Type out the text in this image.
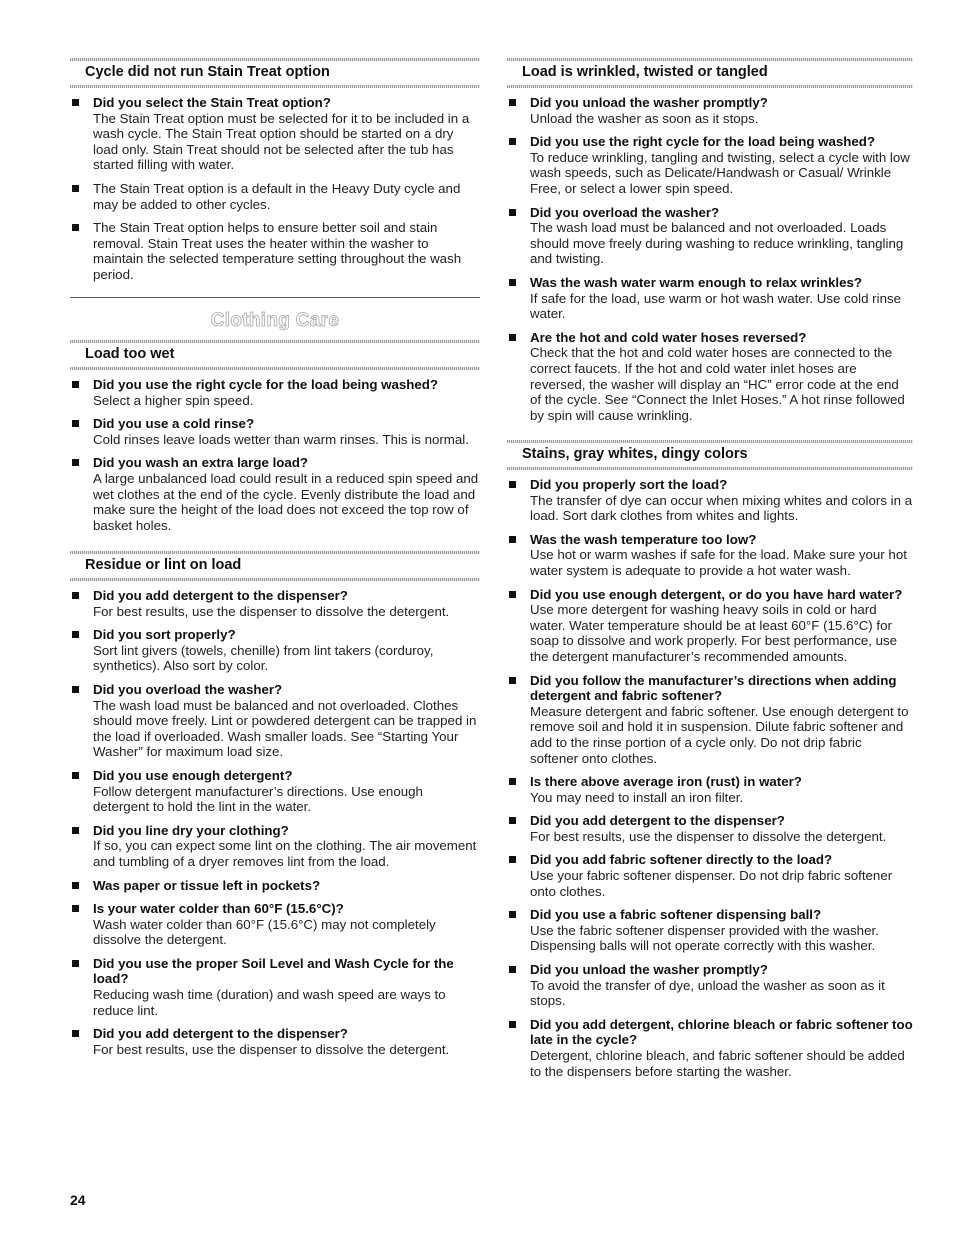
Cycle did not run Stain Treat option
Did you select the Stain Treat option?
The Stain Treat option must be selected for it to be included in a wash cycle. The Stain Treat option should be started on a dry load only. Stain Treat should not be selected after the tub has started filling with water.
The Stain Treat option is a default in the Heavy Duty cycle and may be added to other cycles.
The Stain Treat option helps to ensure better soil and stain removal. Stain Treat uses the heater within the washer to maintain the selected temperature setting throughout the wash period.
Clothing Care
Load too wet
Did you use the right cycle for the load being washed?
Select a higher spin speed.
Did you use a cold rinse?
Cold rinses leave loads wetter than warm rinses. This is normal.
Did you wash an extra large load?
A large unbalanced load could result in a reduced spin speed and wet clothes at the end of the cycle. Evenly distribute the load and make sure the height of the load does not exceed the top row of basket holes.
Residue or lint on load
Did you add detergent to the dispenser?
For best results, use the dispenser to dissolve the detergent.
Did you sort properly?
Sort lint givers (towels, chenille) from lint takers (corduroy, synthetics). Also sort by color.
Did you overload the washer?
The wash load must be balanced and not overloaded. Clothes should move freely. Lint or powdered detergent can be trapped in the load if overloaded. Wash smaller loads. See “Starting Your Washer” for maximum load size.
Did you use enough detergent?
Follow detergent manufacturer’s directions. Use enough detergent to hold the lint in the water.
Did you line dry your clothing?
If so, you can expect some lint on the clothing. The air movement and tumbling of a dryer removes lint from the load.
Was paper or tissue left in pockets?
Is your water colder than 60°F (15.6°C)?
Wash water colder than 60°F (15.6°C) may not completely dissolve the detergent.
Did you use the proper Soil Level and Wash Cycle for the load?
Reducing wash time (duration) and wash speed are ways to reduce lint.
Did you add detergent to the dispenser?
For best results, use the dispenser to dissolve the detergent.
Load is wrinkled, twisted or tangled
Did you unload the washer promptly?
Unload the washer as soon as it stops.
Did you use the right cycle for the load being washed?
To reduce wrinkling, tangling and twisting, select a cycle with low wash speeds, such as Delicate/Handwash or Casual/ Wrinkle Free, or select a lower spin speed.
Did you overload the washer?
The wash load must be balanced and not overloaded. Loads should move freely during washing to reduce wrinkling, tangling and twisting.
Was the wash water warm enough to relax wrinkles?
If safe for the load, use warm or hot wash water. Use cold rinse water.
Are the hot and cold water hoses reversed?
Check that the hot and cold water hoses are connected to the correct faucets. If the hot and cold water inlet hoses are reversed, the washer will display an “HC” error code at the end of the cycle. See “Connect the Inlet Hoses.” A hot rinse followed by spin will cause wrinkling.
Stains, gray whites, dingy colors
Did you properly sort the load?
The transfer of dye can occur when mixing whites and colors in a load. Sort dark clothes from whites and lights.
Was the wash temperature too low?
Use hot or warm washes if safe for the load. Make sure your hot water system is adequate to provide a hot water wash.
Did you use enough detergent, or do you have hard water?
Use more detergent for washing heavy soils in cold or hard water. Water temperature should be at least 60°F (15.6°C) for soap to dissolve and work properly. For best performance, use the detergent manufacturer’s recommended amounts.
Did you follow the manufacturer’s directions when adding detergent and fabric softener?
Measure detergent and fabric softener. Use enough detergent to remove soil and hold it in suspension. Dilute fabric softener and add to the rinse portion of a cycle only. Do not drip fabric softener onto clothes.
Is there above average iron (rust) in water?
You may need to install an iron filter.
Did you add detergent to the dispenser?
For best results, use the dispenser to dissolve the detergent.
Did you add fabric softener directly to the load?
Use your fabric softener dispenser. Do not drip fabric softener onto clothes.
Did you use a fabric softener dispensing ball?
Use the fabric softener dispenser provided with the washer. Dispensing balls will not operate correctly with this washer.
Did you unload the washer promptly?
To avoid the transfer of dye, unload the washer as soon as it stops.
Did you add detergent, chlorine bleach or fabric softener too late in the cycle?
Detergent, chlorine bleach, and fabric softener should be added to the dispensers before starting the washer.
24
